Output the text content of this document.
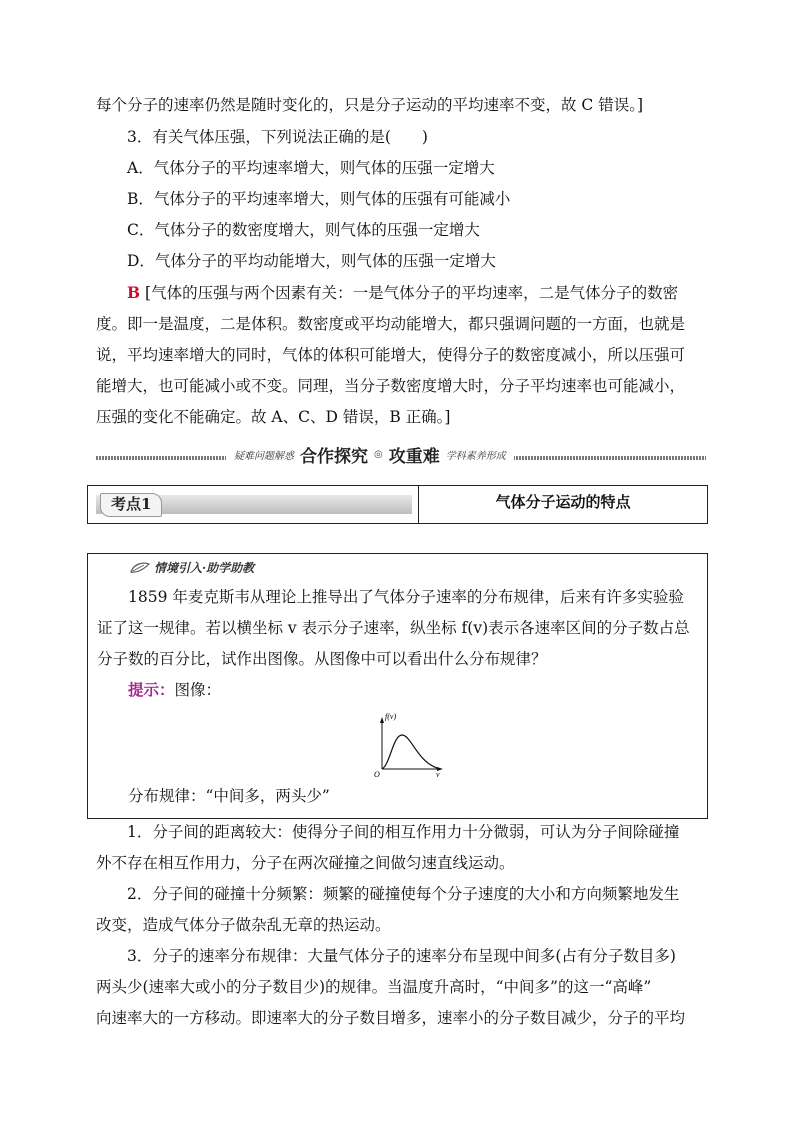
每个分子的速率仍然是随时变化的，只是分子运动的平均速率不变，故 C 错误。]
3．有关气体压强，下列说法正确的是(　　)
A．气体分子的平均速率增大，则气体的压强一定增大
B．气体分子的平均速率增大，则气体的压强有可能减小
C．气体分子的数密度增大，则气体的压强一定增大
D．气体分子的平均动能增大，则气体的压强一定增大
B [气体的压强与两个因素有关：一是气体分子的平均速率，二是气体分子的数密
度。即一是温度，二是体积。数密度或平均动能增大，都只强调问题的一方面，也就是
说，平均速率增大的同时，气体的体积可能增大，使得分子的数密度减小，所以压强可
能增大，也可能减小或不变。同理，当分子数密度增大时，分子平均速率也可能减小，
压强的变化不能确定。故 A、C、D 错误，B 正确。]
疑难问题解惑 合作探究 ◎ 攻重难 学科素养形成
考点1	气体分子运动的特点
情境引入·助学助教
1859 年麦克斯韦从理论上推导出了气体分子速率的分布规律，后来有许多实验验
证了这一规律。若以横坐标 v 表示分子速率，纵坐标 f(v)表示各速率区间的分子数占总
分子数的百分比，试作出图像。从图像中可以看出什么分布规律？
提示：图像：
f(v)
v
O
分布规律：“中间多，两头少”
1．分子间的距离较大：使得分子间的相互作用力十分微弱，可认为分子间除碰撞
外不存在相互作用力，分子在两次碰撞之间做匀速直线运动。
2．分子间的碰撞十分频繁：频繁的碰撞使每个分子速度的大小和方向频繁地发生
改变，造成气体分子做杂乱无章的热运动。
3．分子的速率分布规律：大量气体分子的速率分布呈现中间多(占有分子数目多)
两头少(速率大或小的分子数目少)的规律。当温度升高时，“中间多”的这一“高峰”
向速率大的一方移动。即速率大的分子数目增多，速率小的分子数目减少，分子的平均
